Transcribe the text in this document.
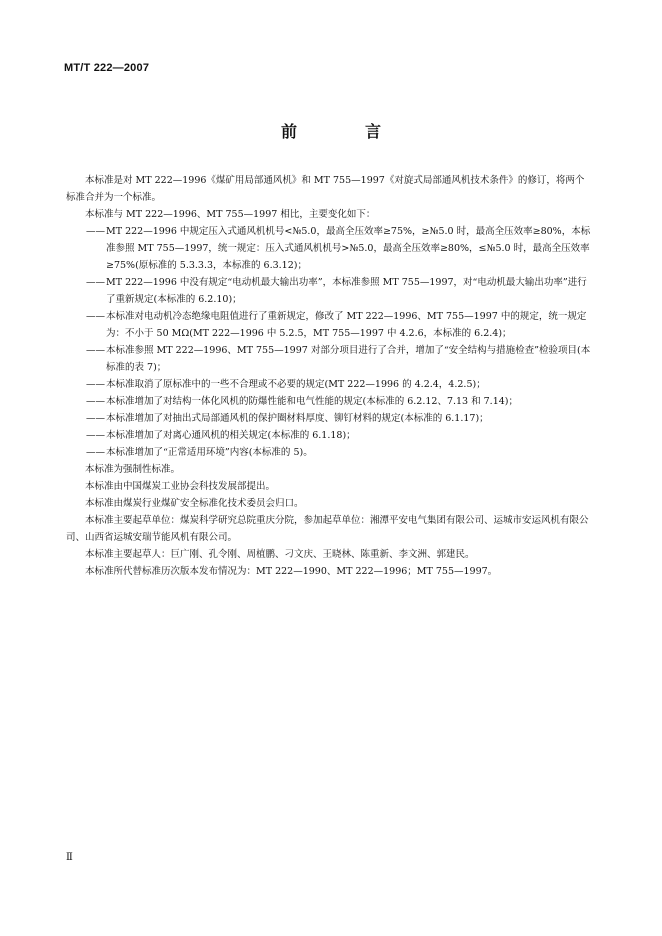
MT/T 222—2007
前　言

本标准是对 MT 222—1996《煤矿用局部通风机》和 MT 755—1997《对旋式局部通风机技术条件》的修订，将两个标准合并为一个标准。

本标准与 MT 222—1996、MT 755—1997 相比，主要变化如下：

—— MT 222—1996 中规定压入式通风机机号<№5.0，最高全压效率≥75%，≥№5.0 时，最高全压效率≥80%，本标准参照 MT 755—1997，统一规定：压入式通风机机号>№5.0，最高全压效率≥80%，≤№5.0 时，最高全压效率≥75%(原标准的 5.3.3.3，本标准的 6.3.12)；

—— MT 222—1996 中没有规定“电动机最大输出功率”，本标准参照 MT 755—1997，对“电动机最大输出功率”进行了重新规定(本标准的 6.2.10)；

—— 本标准对电动机冷态绝缘电阻值进行了重新规定，修改了 MT 222—1996、MT 755—1997 中的规定，统一规定为：不小于 50 MΩ(MT 222—1996 中 5.2.5，MT 755—1997 中 4.2.6，本标准的 6.2.4)；

—— 本标准参照 MT 222—1996、MT 755—1997 对部分项目进行了合并，增加了“安全结构与措施检查”检验项目(本标准的表 7)；

—— 本标准取消了原标准中的一些不合理或不必要的规定(MT 222—1996 的 4.2.4，4.2.5)；

—— 本标准增加了对结构一体化风机的防爆性能和电气性能的规定(本标准的 6.2.12、7.13 和 7.14)；

—— 本标准增加了对抽出式局部通风机的保护圈材料厚度、铆钉材料的规定(本标准的 6.1.17)；

—— 本标准增加了对离心通风机的相关规定(本标准的 6.1.18)；

—— 本标准增加了“正常适用环境”内容(本标准的 5)。

本标准为强制性标准。

本标准由中国煤炭工业协会科技发展部提出。

本标准由煤炭行业煤矿安全标准化技术委员会归口。

本标准主要起草单位：煤炭科学研究总院重庆分院，参加起草单位：湘潭平安电气集团有限公司、运城市安运风机有限公司、山西省运城安瑞节能风机有限公司。

本标准主要起草人：巨广刚、孔令刚、周植鹏、刁文庆、王晓林、陈重新、李文洲、郭建民。

本标准所代替标准历次版本发布情况为：MT 222—1990、MT 222—1996；MT 755—1997。

Ⅱ
